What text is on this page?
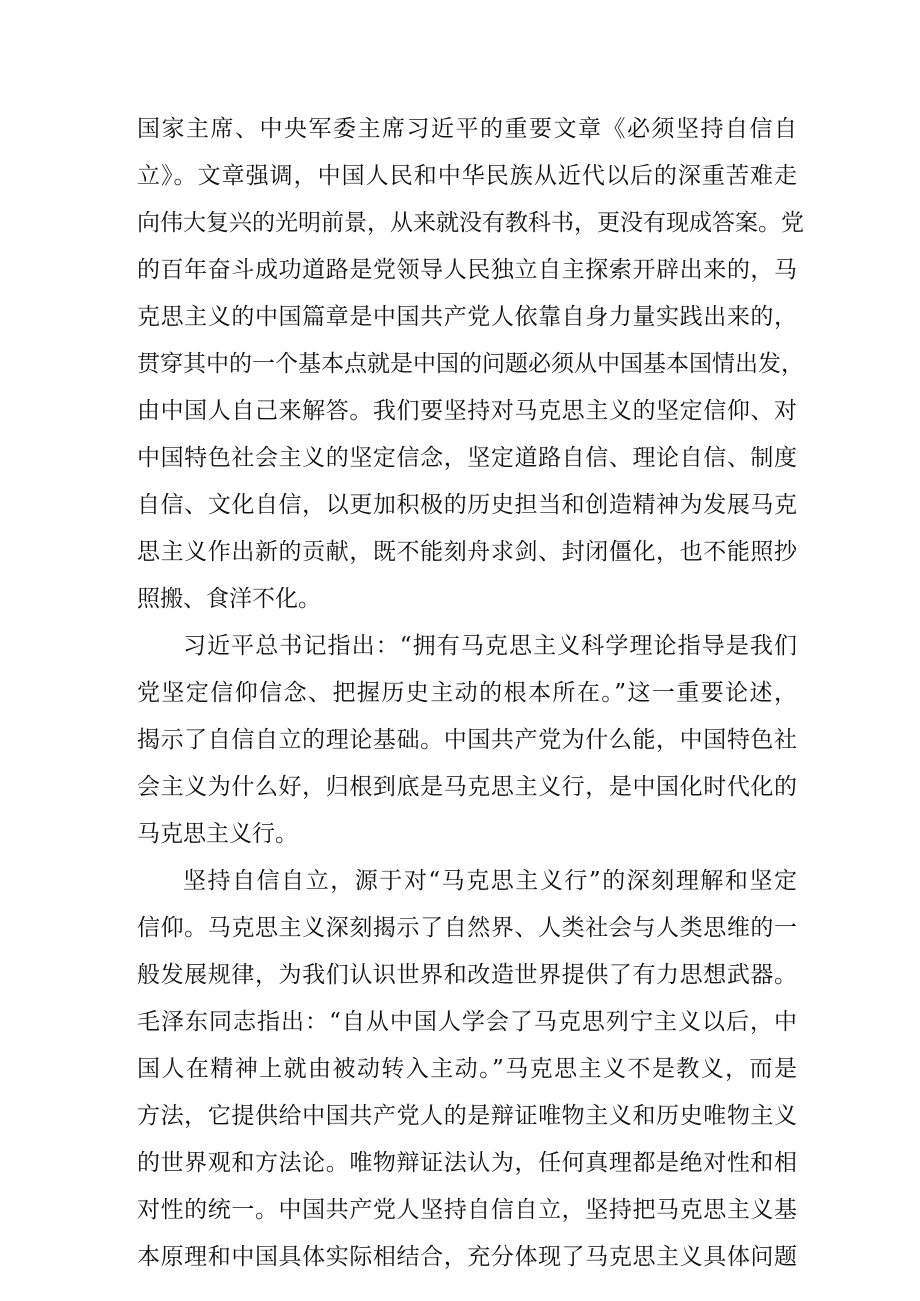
国家主席、中央军委主席习近平的重要文章《必须坚持自信自
立》。文章强调，中国人民和中华民族从近代以后的深重苦难走
向伟大复兴的光明前景，从来就没有教科书，更没有现成答案。党
的百年奋斗成功道路是党领导人民独立自主探索开辟出来的，马
克思主义的中国篇章是中国共产党人依靠自身力量实践出来的，
贯穿其中的一个基本点就是中国的问题必须从中国基本国情出发，
由中国人自己来解答。我们要坚持对马克思主义的坚定信仰、对
中国特色社会主义的坚定信念，坚定道路自信、理论自信、制度
自信、文化自信，以更加积极的历史担当和创造精神为发展马克
思主义作出新的贡献，既不能刻舟求剑、封闭僵化，也不能照抄
照搬、食洋不化。
习近平总书记指出：“拥有马克思主义科学理论指导是我们
党坚定信仰信念、把握历史主动的根本所在。”这一重要论述，
揭示了自信自立的理论基础。中国共产党为什么能，中国特色社
会主义为什么好，归根到底是马克思主义行，是中国化时代化的
马克思主义行。
坚持自信自立，源于对“马克思主义行”的深刻理解和坚定
信仰。马克思主义深刻揭示了自然界、人类社会与人类思维的一
般发展规律，为我们认识世界和改造世界提供了有力思想武器。
毛泽东同志指出：“自从中国人学会了马克思列宁主义以后，中
国人在精神上就由被动转入主动。”马克思主义不是教义，而是
方法，它提供给中国共产党人的是辩证唯物主义和历史唯物主义
的世界观和方法论。唯物辩证法认为，任何真理都是绝对性和相
对性的统一。中国共产党人坚持自信自立，坚持把马克思主义基
本原理和中国具体实际相结合，充分体现了马克思主义具体问题
